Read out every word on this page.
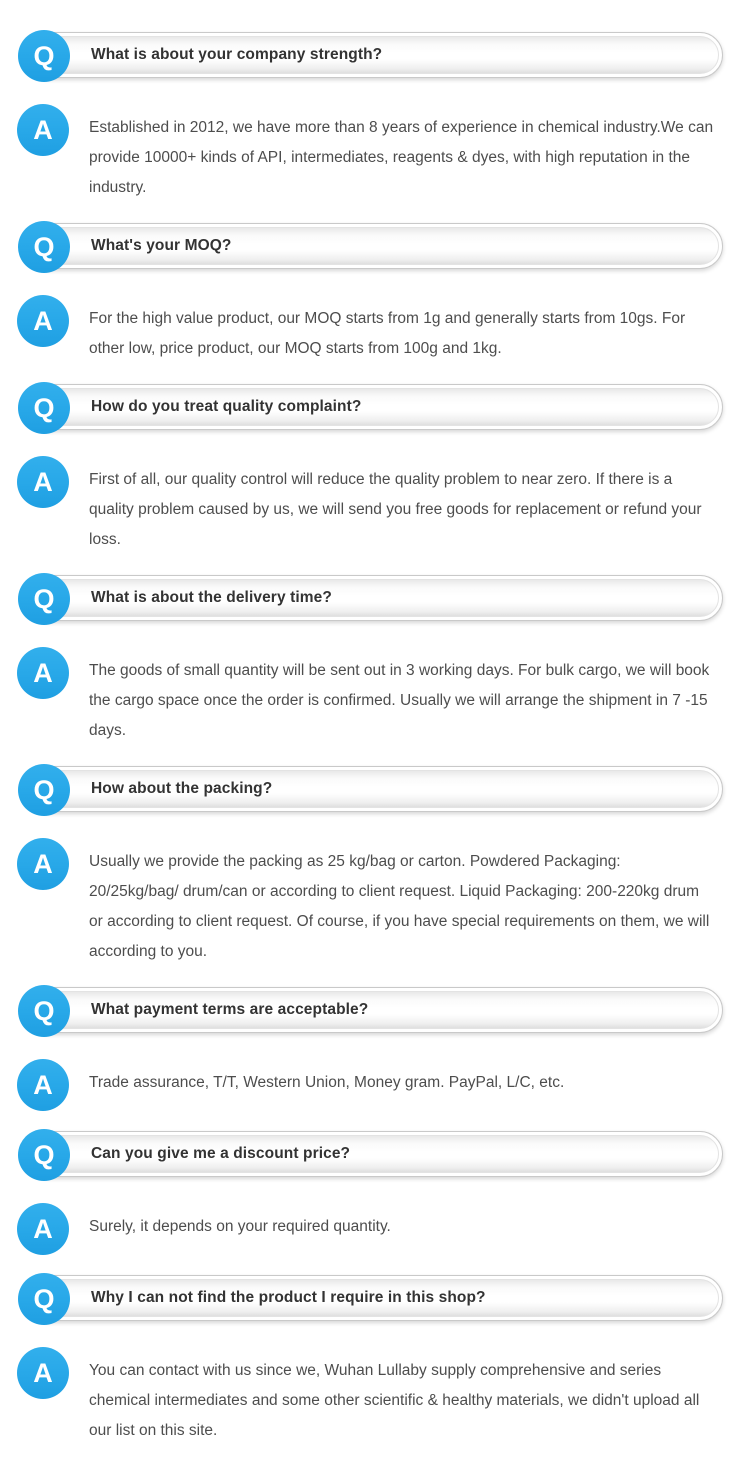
What is about your company strength?
Q
A Established in 2012, we have more than 8 years of experience in chemical industry.We can provide 10000+ kinds of API, intermediates, reagents & dyes, with high reputation in the industry.

What's your MOQ?
Q
A For the high value product, our MOQ starts from 1g and generally starts from 10gs. For other low, price product, our MOQ starts from 100g and 1kg.

How do you treat quality complaint?
Q
A First of all, our quality control will reduce the quality problem to near zero. If there is a quality problem caused by us, we will send you free goods for replacement or refund your loss.

What is about the delivery time?
Q
A The goods of small quantity will be sent out in 3 working days. For bulk cargo, we will book the cargo space once the order is confirmed. Usually we will arrange the shipment in 7 -15 days.

How about the packing?
Q
A Usually we provide the packing as 25 kg/bag or carton. Powdered Packaging: 20/25kg/bag/ drum/can or according to client request. Liquid Packaging: 200-220kg drum or according to client request. Of course, if you have special requirements on them, we will according to you.

What payment terms are acceptable?
Q
A Trade assurance, T/T, Western Union, Money gram. PayPal, L/C, etc.

Can you give me a discount price?
Q
A Surely, it depends on your required quantity.

Why I can not find the product I require in this shop?
Q
A You can contact with us since we, Wuhan Lullaby supply comprehensive and series chemical intermediates and some other scientific & healthy materials, we didn't upload all our list on this site.
